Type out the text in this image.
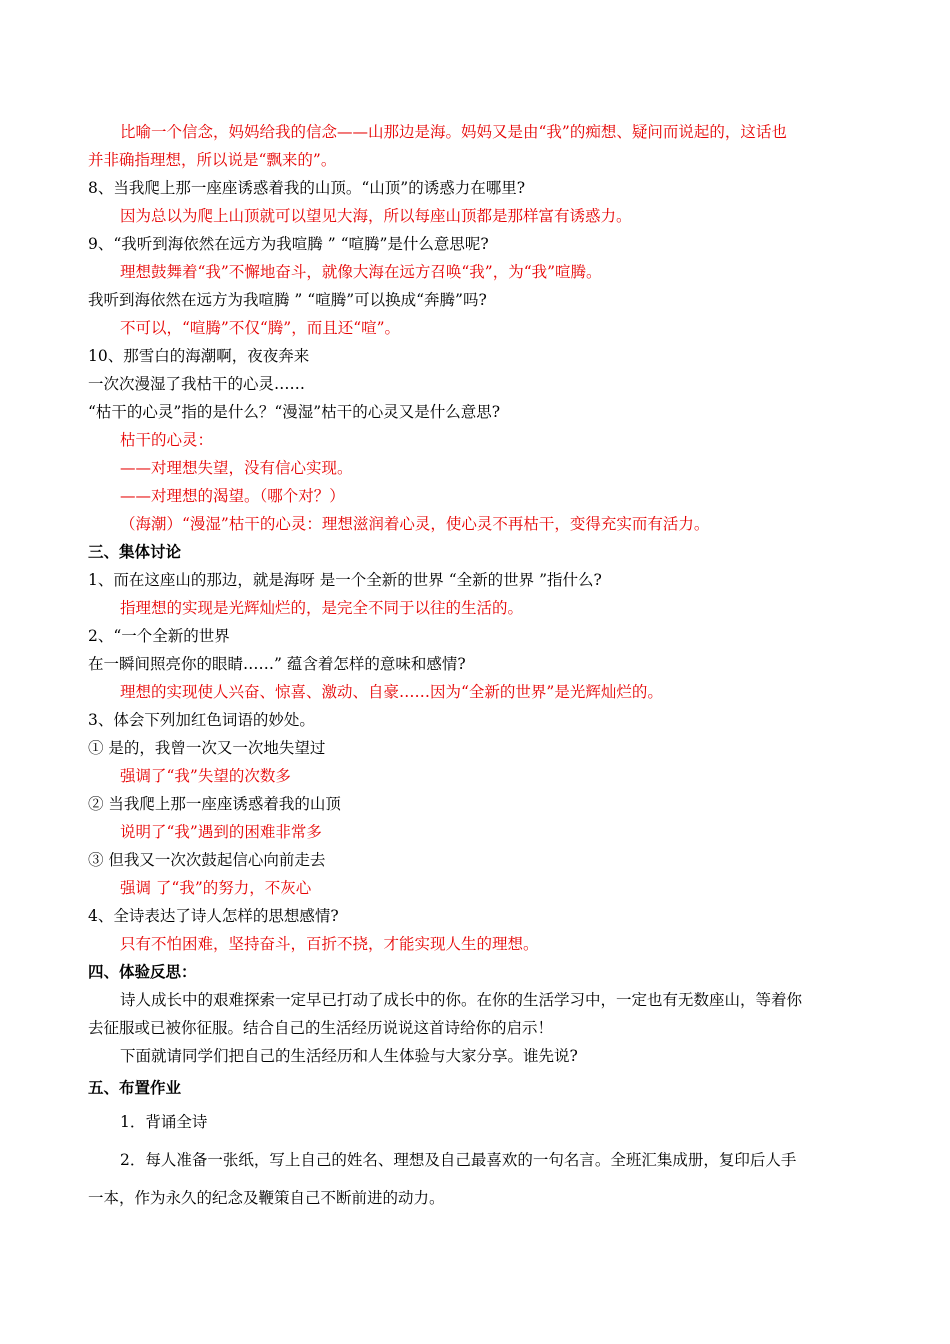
比喻一个信念，妈妈给我的信念——山那边是海。妈妈又是由“我”的痴想、疑问而说起的，这话也
并非确指理想，所以说是“飘来的”。
8、当我爬上那一座座诱惑着我的山顶。“山顶”的诱惑力在哪里?
因为总以为爬上山顶就可以望见大海，所以每座山顶都是那样富有诱惑力。
9、“我听到海依然在远方为我喧腾 ” “喧腾”是什么意思呢?
理想鼓舞着“我”不懈地奋斗，就像大海在远方召唤“我”，为“我”喧腾。
我听到海依然在远方为我喧腾 ” “喧腾”可以换成“奔腾”吗?
不可以，“喧腾”不仅“腾”，而且还“喧”。
10、那雪白的海潮啊，夜夜奔来
一次次漫湿了我枯干的心灵……
“枯干的心灵”指的是什么？“漫湿”枯干的心灵又是什么意思?
枯干的心灵：
——对理想失望，没有信心实现。
——对理想的渴望。（哪个对？）
（海潮）“漫湿”枯干的心灵：理想滋润着心灵，使心灵不再枯干，变得充实而有活力。
三、集体讨论
1、而在这座山的那边，就是海呀 是一个全新的世界 “全新的世界 ”指什么?
指理想的实现是光辉灿烂的，是完全不同于以往的生活的。
2、“一个全新的世界
在一瞬间照亮你的眼睛……” 蕴含着怎样的意味和感情?
理想的实现使人兴奋、惊喜、激动、自豪……因为“全新的世界”是光辉灿烂的。
3、体会下列加红色词语的妙处。
① 是的，我曾一次又一次地失望过
强调了“我”失望的次数多
② 当我爬上那一座座诱惑着我的山顶
说明了“我”遇到的困难非常多
③ 但我又一次次鼓起信心向前走去
强调 了“我”的努力，不灰心
4、全诗表达了诗人怎样的思想感情?
只有不怕困难，坚持奋斗，百折不挠，才能实现人生的理想。
四、体验反思：
诗人成长中的艰难探索一定早已打动了成长中的你。在你的生活学习中，一定也有无数座山，等着你
去征服或已被你征服。结合自己的生活经历说说这首诗给你的启示！
下面就请同学们把自己的生活经历和人生体验与大家分享。谁先说?
五、布置作业
1．背诵全诗
2．每人准备一张纸，写上自己的姓名、理想及自己最喜欢的一句名言。全班汇集成册，复印后人手
一本，作为永久的纪念及鞭策自己不断前进的动力。
